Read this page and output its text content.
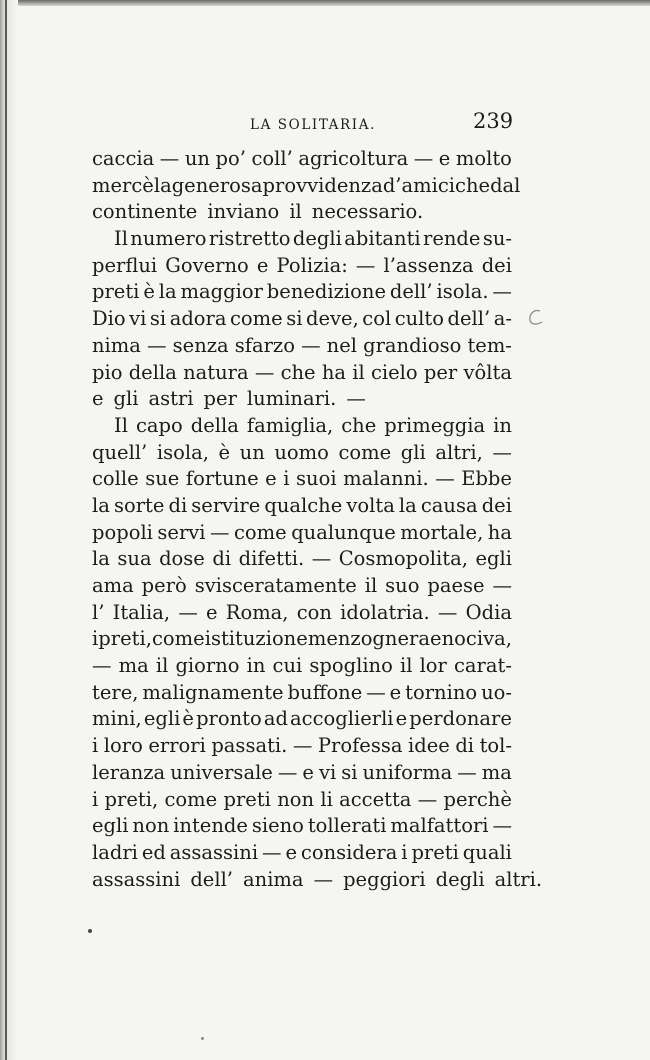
LA SOLITARIA.	239
caccia — un po’ coll’ agricoltura — e molto
mercè la generosa provvidenza d’amici che dal
continente inviano il necessario.
Il numero ristretto degli abitanti rende su-
perflui Governo e Polizia: — l’assenza dei
preti è la maggior benedizione dell’ isola. —
Dio vi si adora come si deve, col culto dell’ a-
nima — senza sfarzo — nel grandioso tem-
pio della natura — che ha il cielo per vôlta
e gli astri per luminari. —
Il capo della famiglia, che primeggia in
quell’ isola, è un uomo come gli altri, —
colle sue fortune e i suoi malanni. — Ebbe
la sorte di servire qualche volta la causa dei
popoli servi — come qualunque mortale, ha
la sua dose di difetti. — Cosmopolita, egli
ama però svisceratamente il suo paese —
l’ Italia, — e Roma, con idolatria. — Odia
i preti, come istituzione menzognera e nociva,
— ma il giorno in cui spoglino il lor carat-
tere, malignamente buffone — e tornino uo-
mini, egli è pronto ad accoglierli e perdonare
i loro errori passati. — Professa idee di tol-
leranza universale — e vi si uniforma — ma
i preti, come preti non li accetta — perchè
egli non intende sieno tollerati malfattori —
ladri ed assassini — e considera i preti quali
assassini dell’ anima — peggiori degli altri.
